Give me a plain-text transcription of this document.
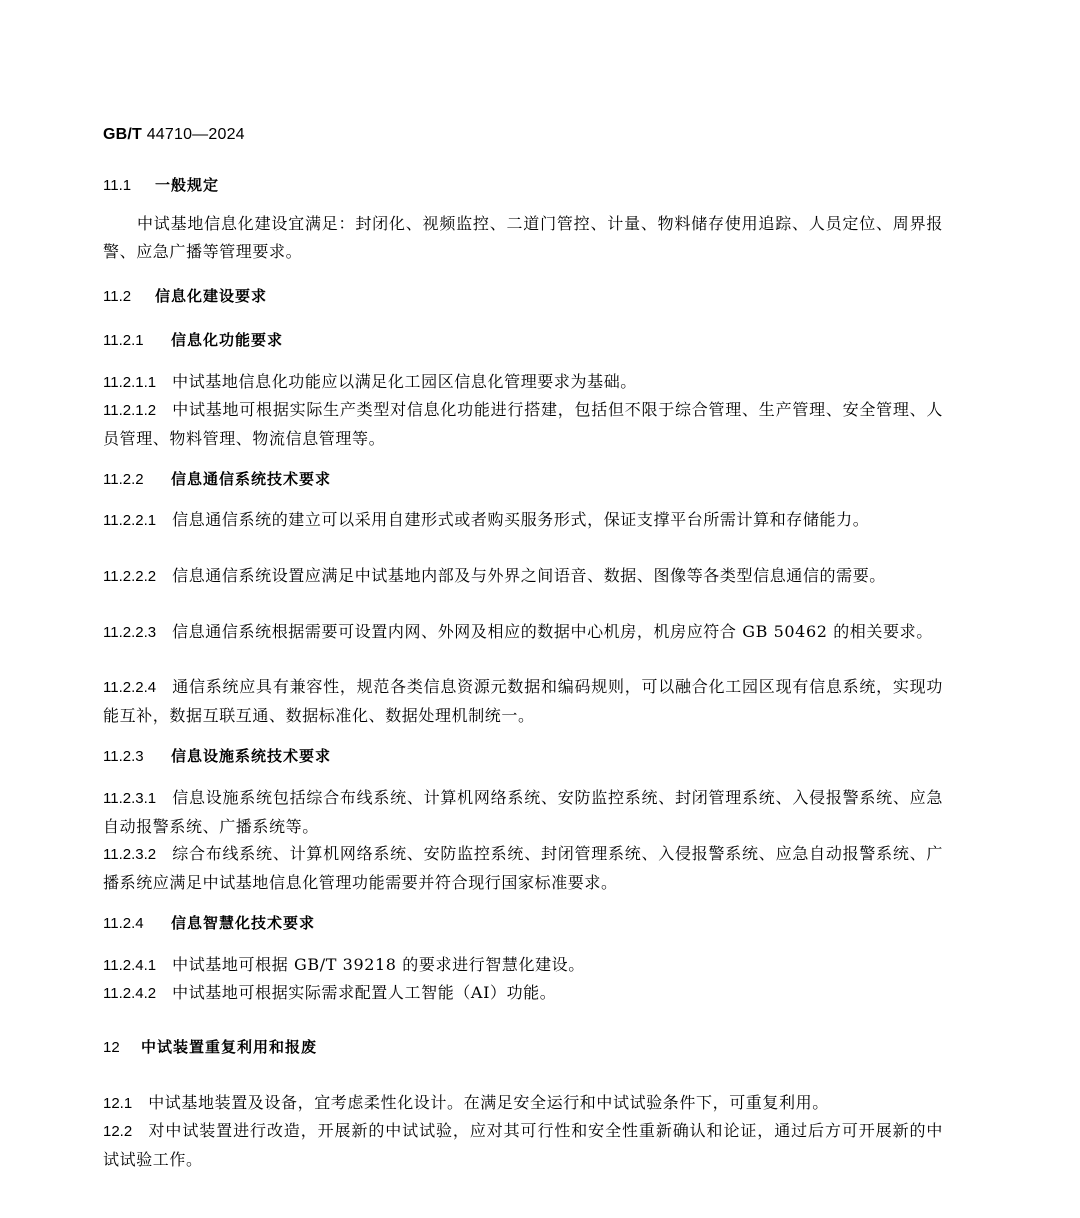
GB/T 44710—2024
11.1 一般规定
中试基地信息化建设宜满足：封闭化、视频监控、二道门管控、计量、物料储存使用追踪、人员定位、周界报警、应急广播等管理要求。
11.2 信息化建设要求
11.2.1 信息化功能要求
11.2.1.1 中试基地信息化功能应以满足化工园区信息化管理要求为基础。
11.2.1.2 中试基地可根据实际生产类型对信息化功能进行搭建，包括但不限于综合管理、生产管理、安全管理、人员管理、物料管理、物流信息管理等。
11.2.2 信息通信系统技术要求
11.2.2.1 信息通信系统的建立可以采用自建形式或者购买服务形式，保证支撑平台所需计算和存储能力。
11.2.2.2 信息通信系统设置应满足中试基地内部及与外界之间语音、数据、图像等各类型信息通信的需要。
11.2.2.3 信息通信系统根据需要可设置内网、外网及相应的数据中心机房，机房应符合 GB 50462 的相关要求。
11.2.2.4 通信系统应具有兼容性，规范各类信息资源元数据和编码规则，可以融合化工园区现有信息系统，实现功能互补，数据互联互通、数据标准化、数据处理机制统一。
11.2.3 信息设施系统技术要求
11.2.3.1 信息设施系统包括综合布线系统、计算机网络系统、安防监控系统、封闭管理系统、入侵报警系统、应急自动报警系统、广播系统等。
11.2.3.2 综合布线系统、计算机网络系统、安防监控系统、封闭管理系统、入侵报警系统、应急自动报警系统、广播系统应满足中试基地信息化管理功能需要并符合现行国家标准要求。
11.2.4 信息智慧化技术要求
11.2.4.1 中试基地可根据 GB/T 39218 的要求进行智慧化建设。
11.2.4.2 中试基地可根据实际需求配置人工智能（AI）功能。
12 中试装置重复利用和报废
12.1 中试基地装置及设备，宜考虑柔性化设计。在满足安全运行和中试试验条件下，可重复利用。
12.2 对中试装置进行改造，开展新的中试试验，应对其可行性和安全性重新确认和论证，通过后方可开展新的中试试验工作。
